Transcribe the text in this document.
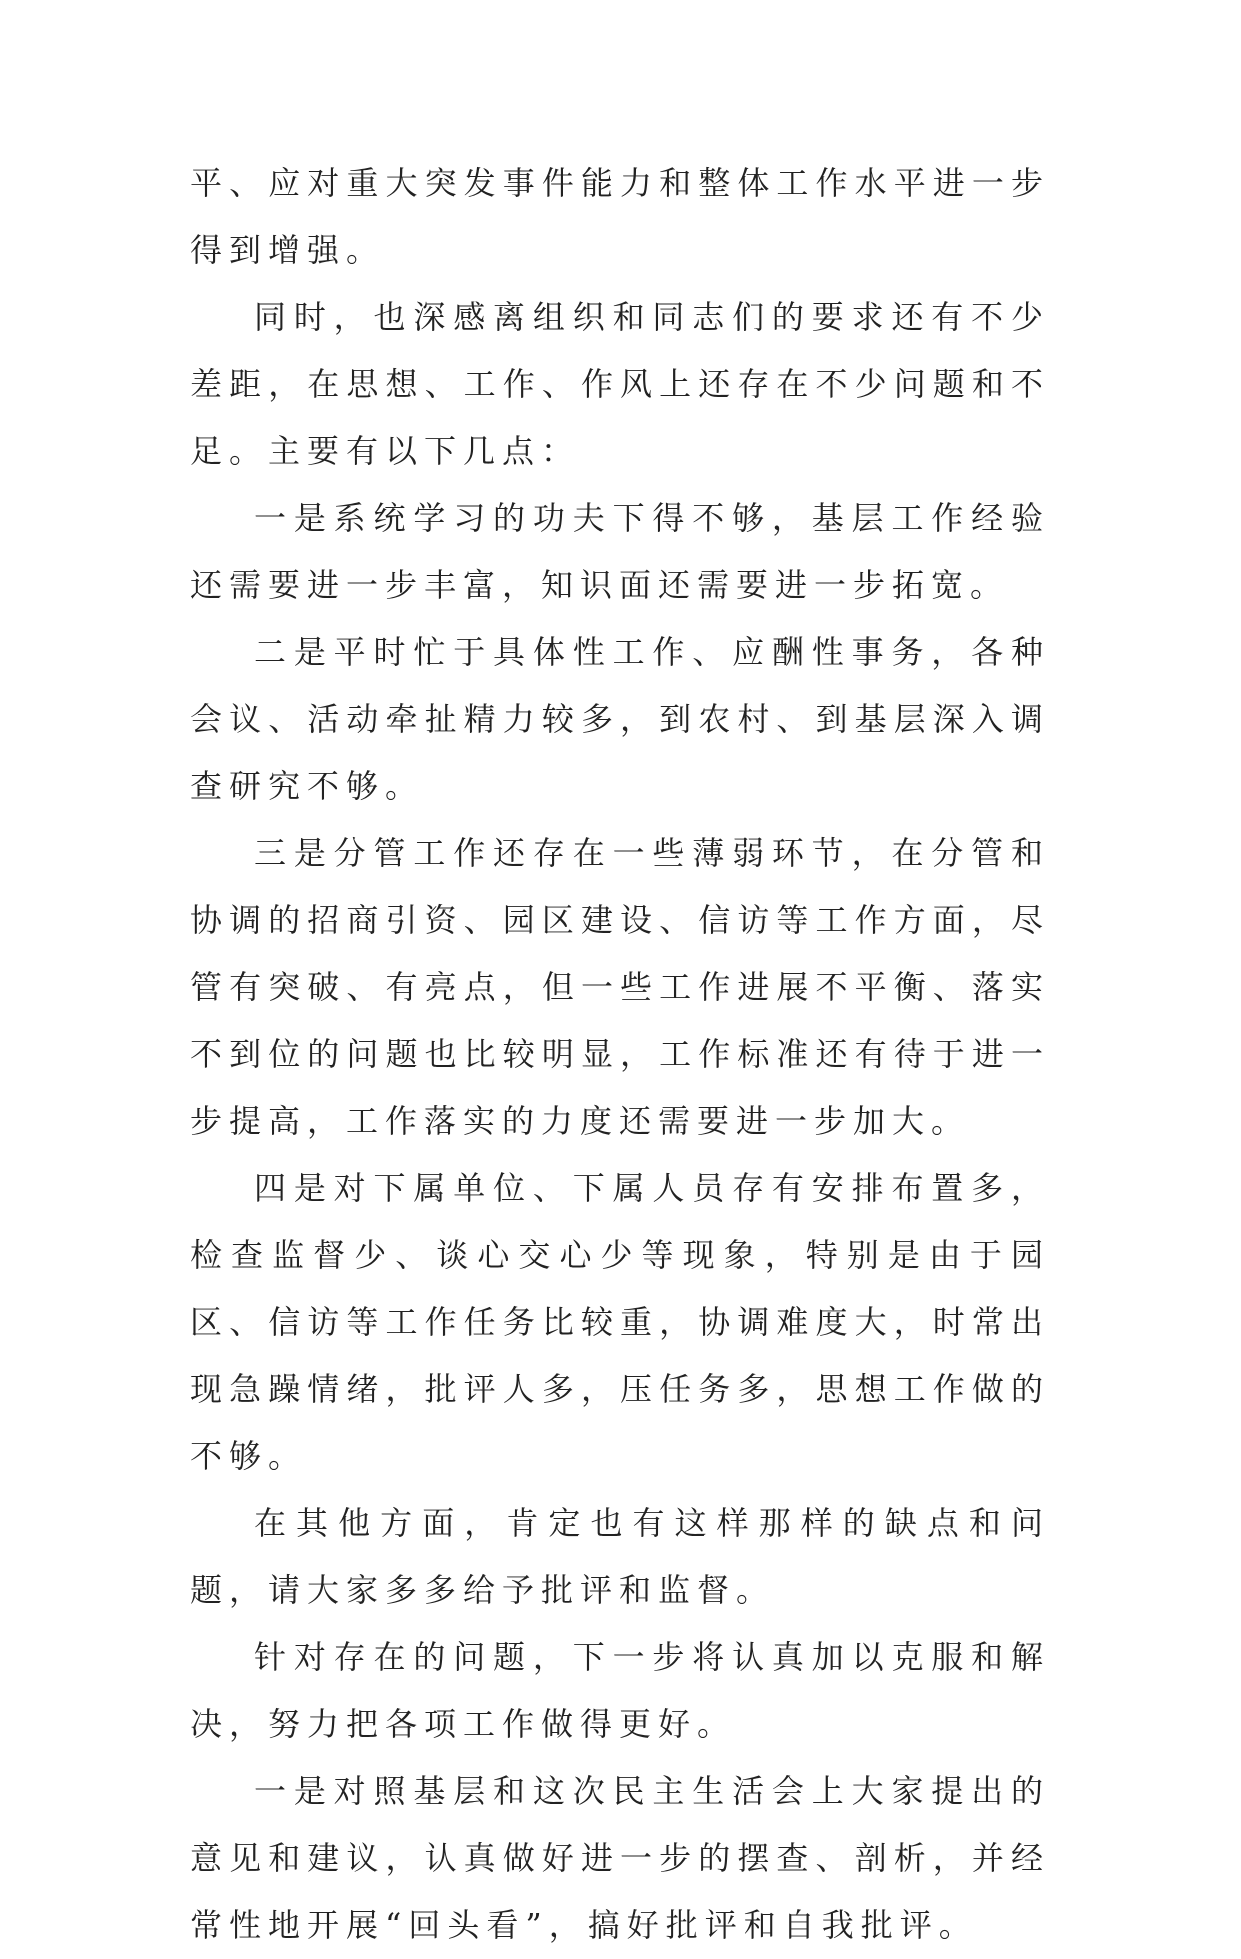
平、应对重大突发事件能力和整体工作水平进一步得到增强。

同时，也深感离组织和同志们的要求还有不少差距，在思想、工作、作风上还存在不少问题和不足。主要有以下几点：

一是系统学习的功夫下得不够，基层工作经验还需要进一步丰富，知识面还需要进一步拓宽。

二是平时忙于具体性工作、应酬性事务，各种会议、活动牵扯精力较多，到农村、到基层深入调查研究不够。

三是分管工作还存在一些薄弱环节，在分管和协调的招商引资、园区建设、信访等工作方面，尽管有突破、有亮点，但一些工作进展不平衡、落实不到位的问题也比较明显，工作标准还有待于进一步提高，工作落实的力度还需要进一步加大。

四是对下属单位、下属人员存有安排布置多，检查监督少、谈心交心少等现象，特别是由于园区、信访等工作任务比较重，协调难度大，时常出现急躁情绪，批评人多，压任务多，思想工作做的不够。

在其他方面，肯定也有这样那样的缺点和问题，请大家多多给予批评和监督。

针对存在的问题，下一步将认真加以克服和解决，努力把各项工作做得更好。

一是对照基层和这次民主生活会上大家提出的意见和建议，认真做好进一步的摆查、剖析，并经常性地开展“回头看”，搞好批评和自我批评。
